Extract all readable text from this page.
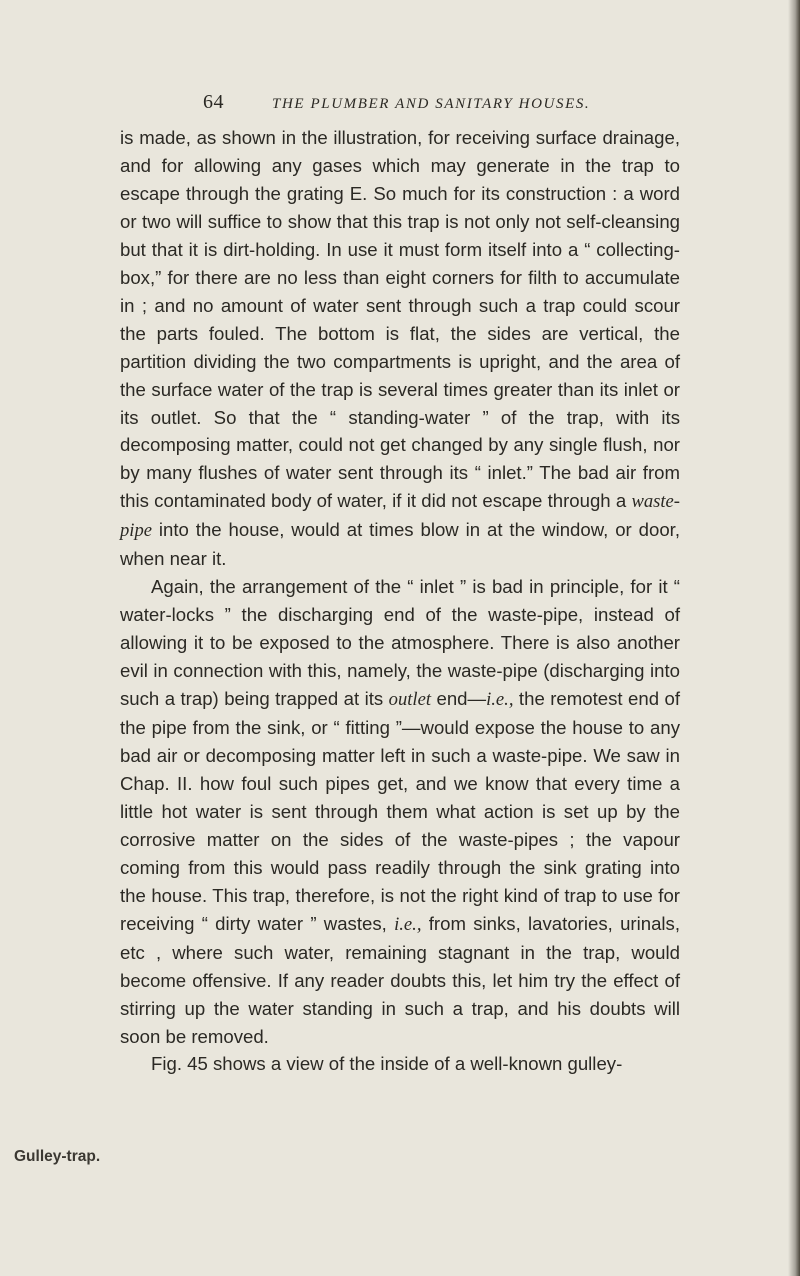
64	THE PLUMBER AND SANITARY HOUSES.
Gulley-trap.

is made, as shown in the illustration, for receiving surface drainage, and for allowing any gases which may generate in the trap to escape through the grating E. So much for its construction : a word or two will suffice to show that this trap is not only not self-cleansing but that it is dirt-holding. In use it must form itself into a “ collecting-box,” for there are no less than eight corners for filth to accumulate in ; and no amount of water sent through such a trap could scour the parts fouled. The bottom is flat, the sides are vertical, the partition dividing the two compartments is upright, and the area of the surface water of the trap is several times greater than its inlet or its outlet. So that the “ standing-water ” of the trap, with its decomposing matter, could not get changed by any single flush, nor by many flushes of water sent through its “ inlet.” The bad air from this contaminated body of water, if it did not escape through a waste-pipe into the house, would at times blow in at the window, or door, when near it.

Again, the arrangement of the “ inlet ” is bad in principle, for it “ water-locks ” the discharging end of the waste-pipe, instead of allowing it to be exposed to the atmosphere. There is also another evil in connection with this, namely, the waste-pipe (discharging into such a trap) being trapped at its outlet end—i.e., the remotest end of the pipe from the sink, or “ fitting ”—would expose the house to any bad air or decomposing matter left in such a waste-pipe. We saw in Chap. II. how foul such pipes get, and we know that every time a little hot water is sent through them what action is set up by the corrosive matter on the sides of the waste-pipes ; the vapour coming from this would pass readily through the sink grating into the house. This trap, therefore, is not the right kind of trap to use for receiving “ dirty water ” wastes, i.e., from sinks, lavatories, urinals, etc , where such water, remaining stagnant in the trap, would become offensive. If any reader doubts this, let him try the effect of stirring up the water standing in such a trap, and his doubts will soon be removed.

Fig. 45 shows a view of the inside of a well-known gulley-
